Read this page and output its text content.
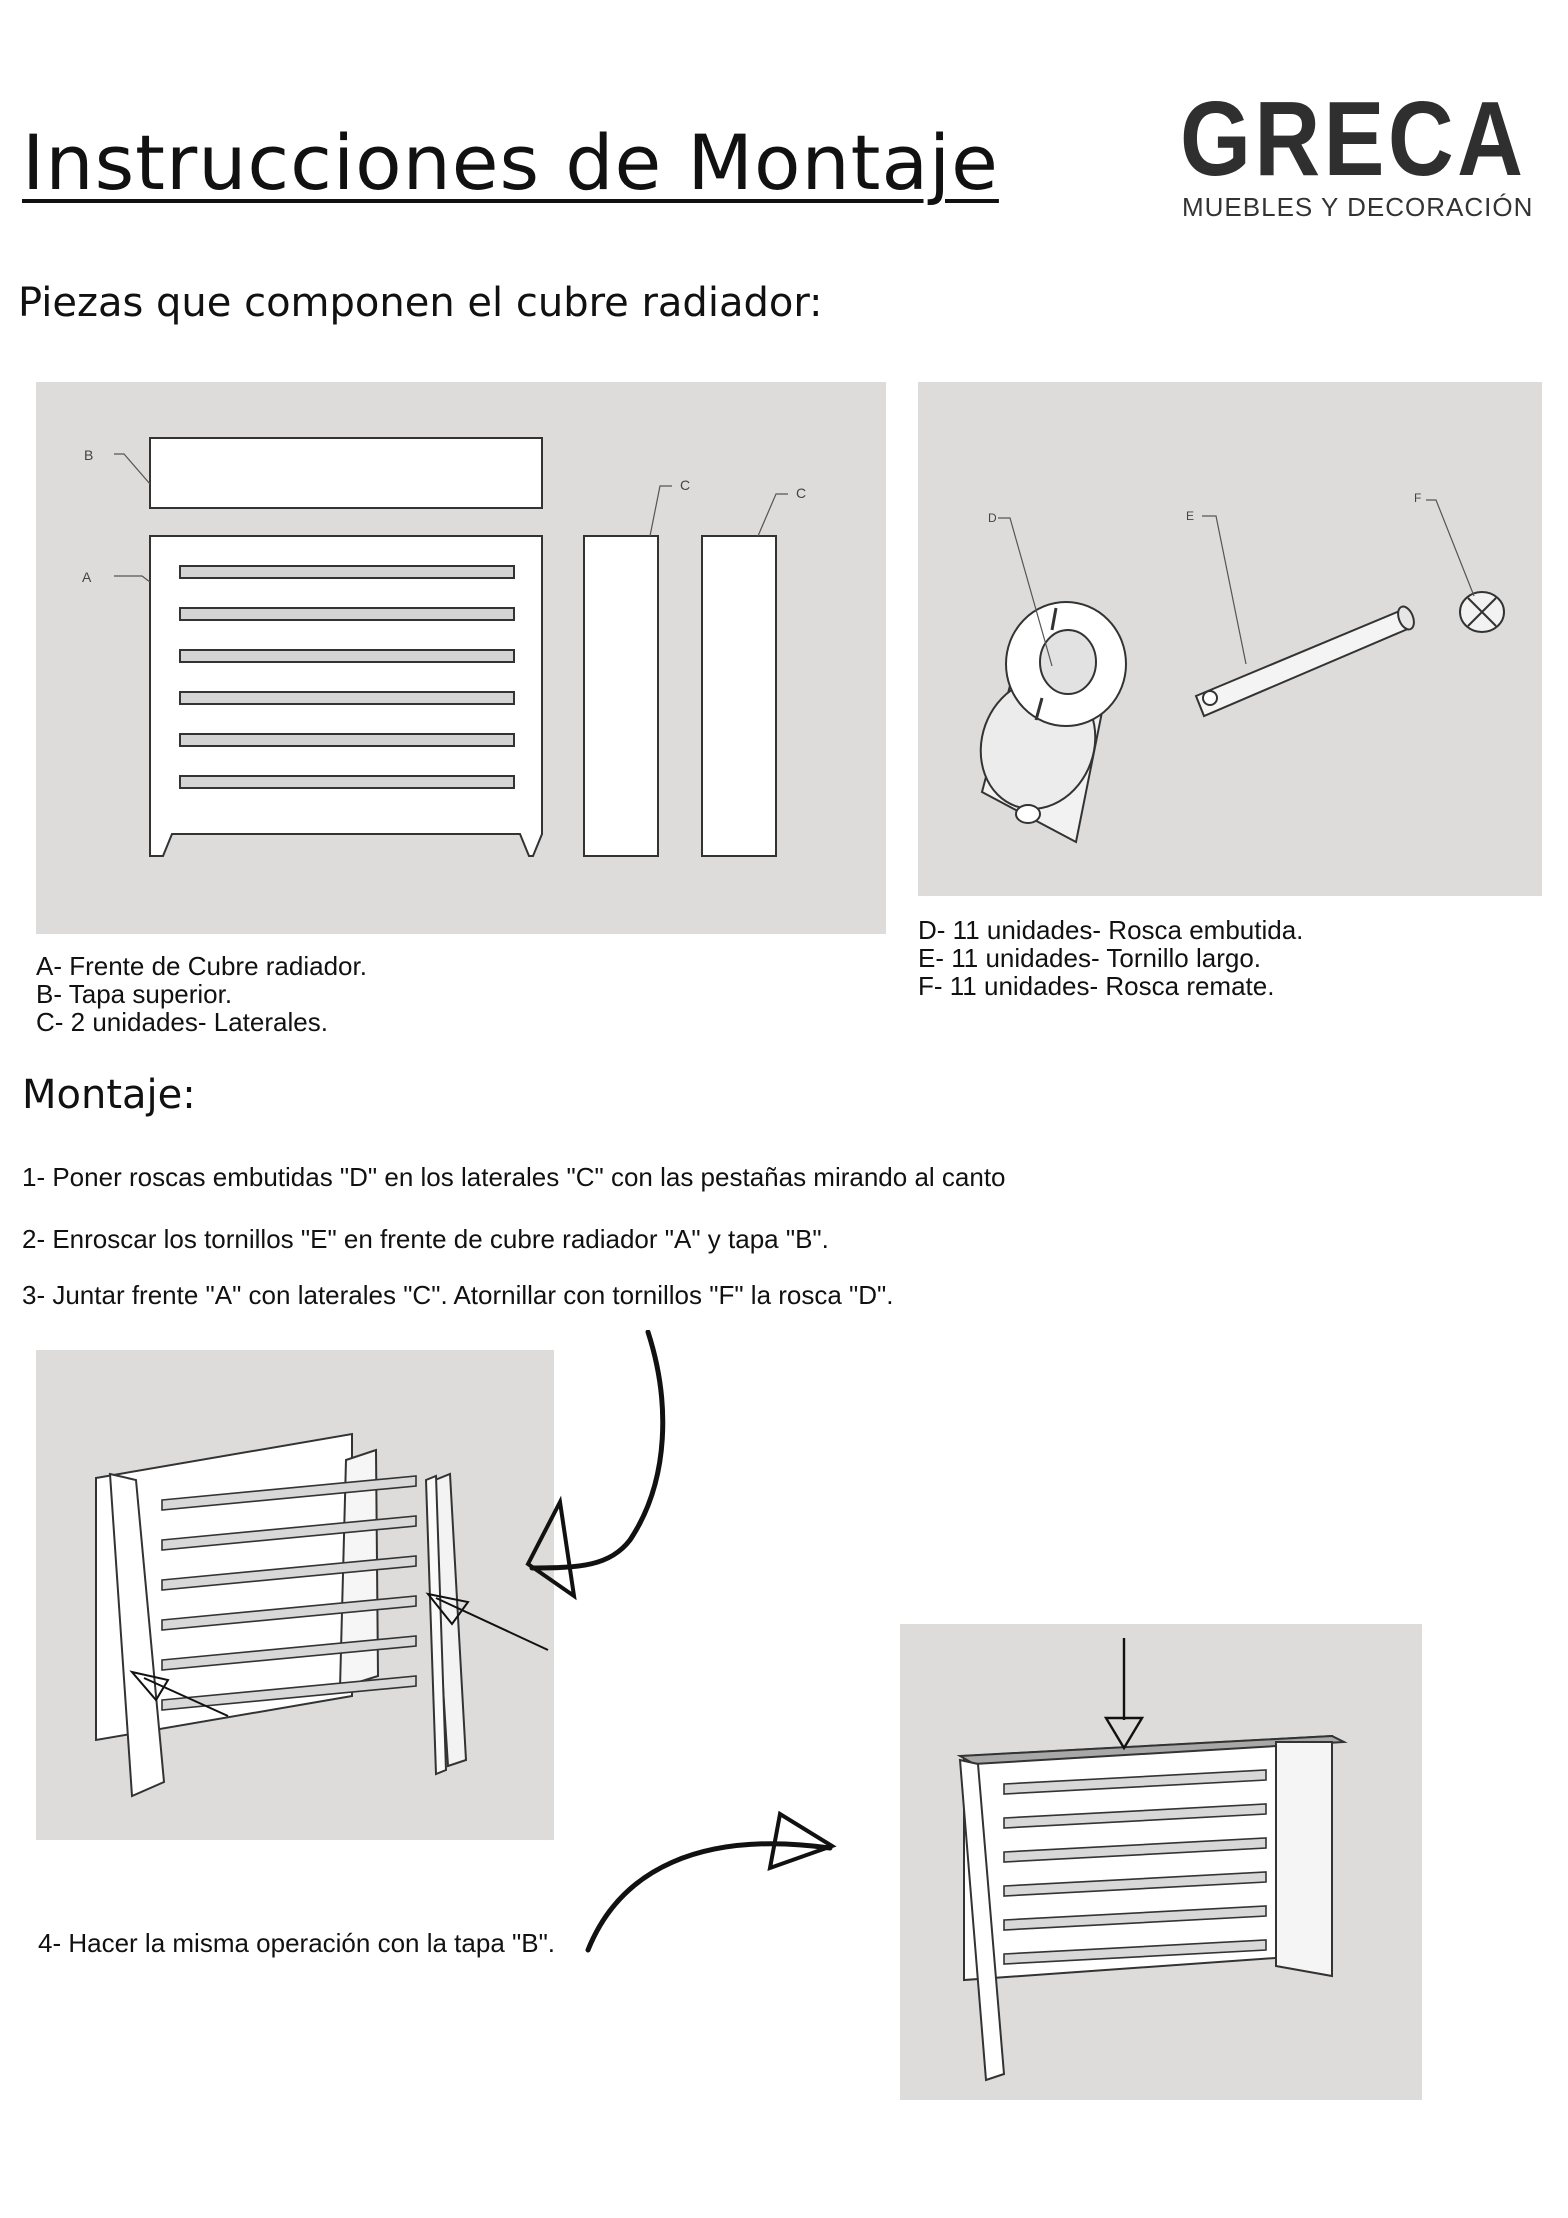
Instrucciones de Montaje GRECA
MUEBLES Y DECORACIÓN
Piezas que componen el cubre radiador:
B
A
C	C
D	E
F
A- Frente de Cubre radiador.
B- Tapa superior.
C- 2 unidades- Laterales.
D- 11 unidades- Rosca embutida.
E- 11 unidades- Tornillo largo.
F- 11 unidades- Rosca remate.
Montaje:
1- Poner roscas embutidas "D" en los laterales "C" con las pestañas mirando al canto
2- Enroscar los tornillos "E" en frente de cubre radiador "A" y tapa "B".
3- Juntar frente "A" con laterales "C". Atornillar con tornillos "F" la rosca "D".
4- Hacer la misma operación con la tapa "B".
